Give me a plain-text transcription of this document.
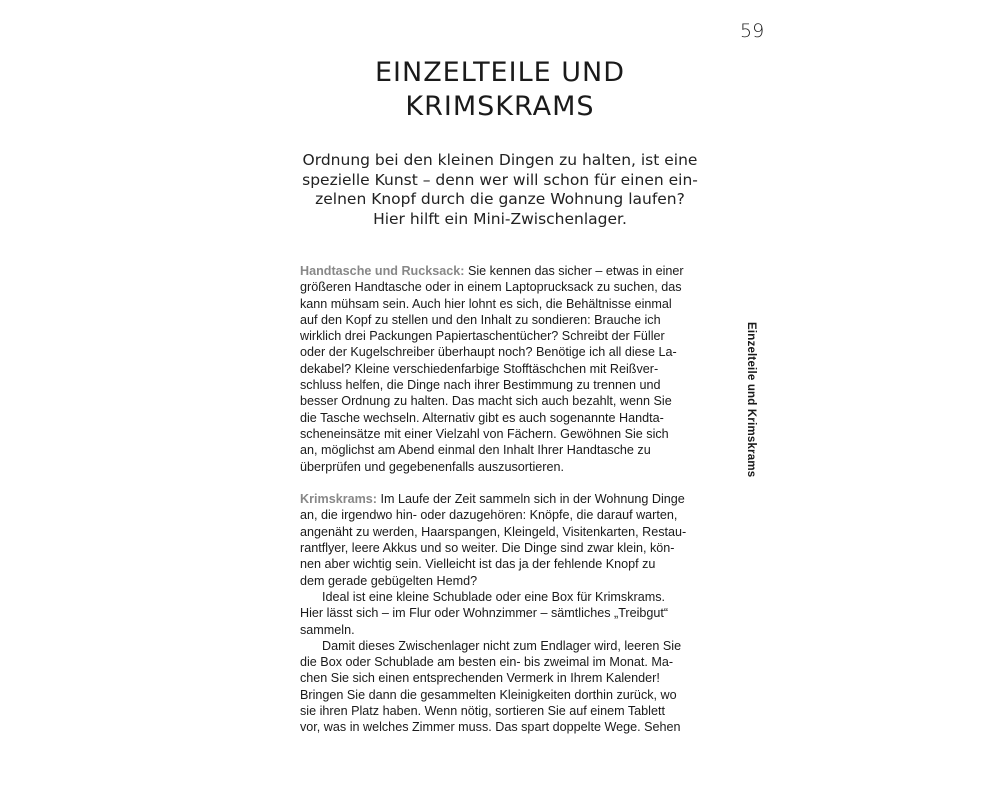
59
EINZELTEILE UND
KRIMSKRAMS
Ordnung bei den kleinen Dingen zu halten, ist eine
spezielle Kunst – denn wer will schon für einen ein-
zelnen Knopf durch die ganze Wohnung laufen?
Hier hilft ein Mini-Zwischenlager.
Handtasche und Rucksack: Sie kennen das sicher – etwas in einer
größeren Handtasche oder in einem Laptoprucksack zu suchen, das
kann mühsam sein. Auch hier lohnt es sich, die Behältnisse einmal
auf den Kopf zu stellen und den Inhalt zu sondieren: Brauche ich
wirklich drei Packungen Papiertaschentücher? Schreibt der Füller
oder der Kugelschreiber überhaupt noch? Benötige ich all diese La-
dekabel? Kleine verschiedenfarbige Stofftäschchen mit Reißver-
schluss helfen, die Dinge nach ihrer Bestimmung zu trennen und
besser Ordnung zu halten. Das macht sich auch bezahlt, wenn Sie
die Tasche wechseln. Alternativ gibt es auch sogenannte Handta-
scheneinsätze mit einer Vielzahl von Fächern. Gewöhnen Sie sich
an, möglichst am Abend einmal den Inhalt Ihrer Handtasche zu
überprüfen und gegebenenfalls auszusortieren.
Krimskrams: Im Laufe der Zeit sammeln sich in der Wohnung Dinge
an, die irgendwo hin- oder dazugehören: Knöpfe, die darauf warten,
angenäht zu werden, Haarspangen, Kleingeld, Visitenkarten, Restau-
rantflyer, leere Akkus und so weiter. Die Dinge sind zwar klein, kön-
nen aber wichtig sein. Vielleicht ist das ja der fehlende Knopf zu
dem gerade gebügelten Hemd?
Ideal ist eine kleine Schublade oder eine Box für Krimskrams.
Hier lässt sich – im Flur oder Wohnzimmer – sämtliches „Treibgut“
sammeln.
Damit dieses Zwischenlager nicht zum Endlager wird, leeren Sie
die Box oder Schublade am besten ein- bis zweimal im Monat. Ma-
chen Sie sich einen entsprechenden Vermerk in Ihrem Kalender!
Bringen Sie dann die gesammelten Kleinigkeiten dorthin zurück, wo
sie ihren Platz haben. Wenn nötig, sortieren Sie auf einem Tablett
vor, was in welches Zimmer muss. Das spart doppelte Wege. Sehen
Einzelteile und Krimskrams
